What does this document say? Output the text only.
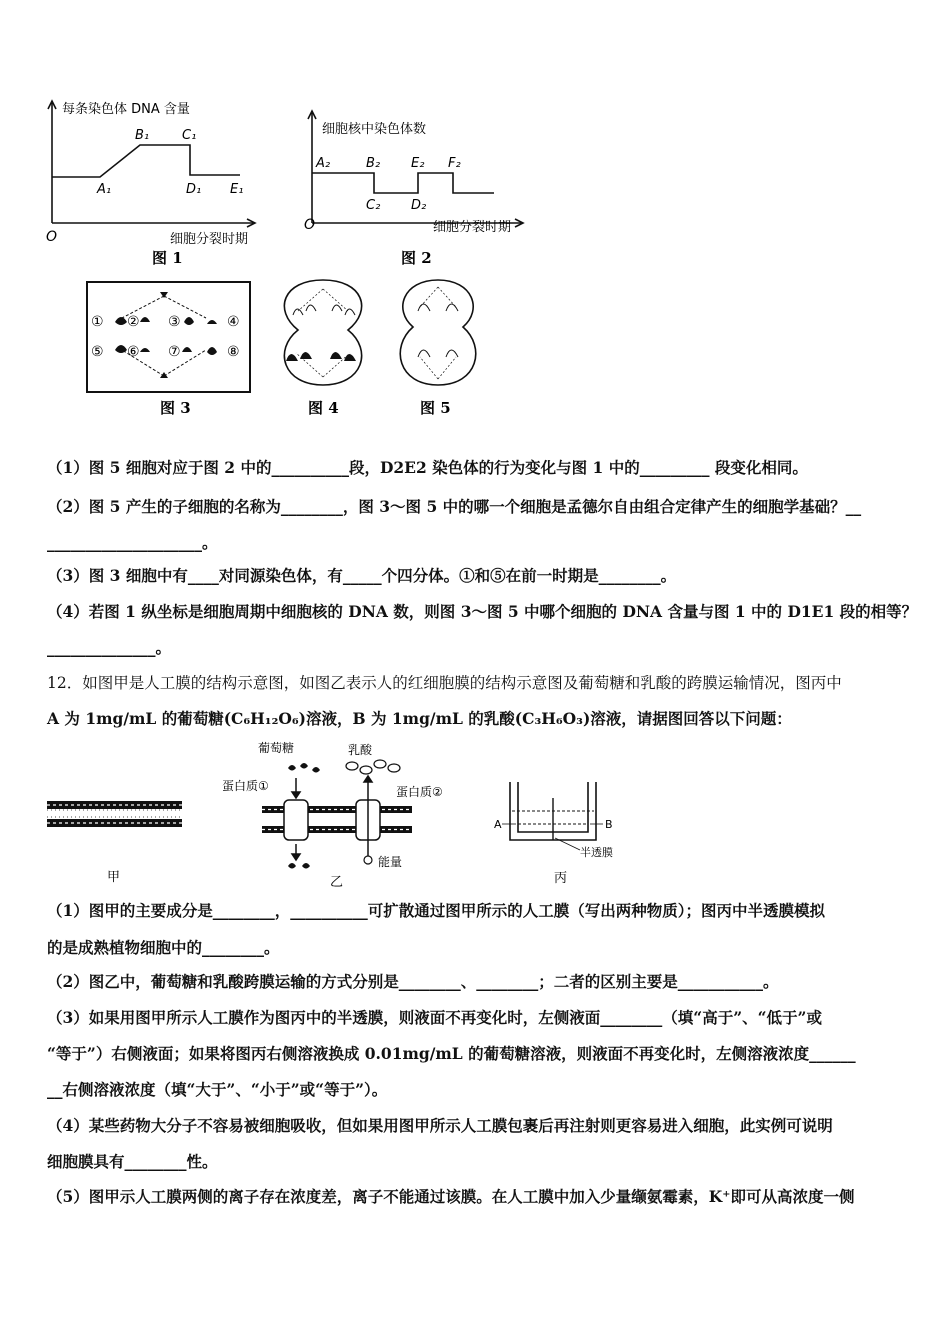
每条染色体 DNA 含量
细胞分裂时期
O
A₁
B₁	C₁
D₁ E₁
图 1
细胞核中染色体数
细胞分裂时期
O
A₂	B₂
C₂ D₂
E₂ F₂
图 2
① ② ③	④
⑤ ⑥ ⑦	⑧
图 3	图 4	图 5
（1）图 5 细胞对应于图 2 中的__________段，D2E2 染色体的行为变化与图 1 中的_________ 段变化相同。
（2）图 5 产生的子细胞的名称为________，图 3～图 5 中的哪一个细胞是孟德尔自由组合定律产生的细胞学基础？__
____________________。
（3）图 3 细胞中有____对同源染色体，有_____个四分体。①和⑤在前一时期是________。
（4）若图 1 纵坐标是细胞周期中细胞核的 DNA 数，则图 3～图 5 中哪个细胞的 DNA 含量与图 1 中的 D1E1 段的相等？
______________。
12．如图甲是人工膜的结构示意图，如图乙表示人的红细胞膜的结构示意图及葡萄糖和乳酸的跨膜运输情况，图丙中
A 为 1mg/mL 的葡萄糖(C₆H₁₂O₆)溶液，B 为 1mg/mL 的乳酸(C₃H₆O₃)溶液，请据图回答以下问题：
甲
葡萄糖	乳酸
蛋白质①	蛋白质②
能量
乙
A	B
半透膜
丙
（1）图甲的主要成分是________，__________可扩散通过图甲所示的人工膜（写出两种物质）；图丙中半透膜模拟
的是成熟植物细胞中的________。
（2）图乙中，葡萄糖和乳酸跨膜运输的方式分别是________、________；二者的区别主要是___________。
（3）如果用图甲所示人工膜作为图丙中的半透膜，则液面不再变化时，左侧液面________（填“高于”、“低于”或
“等于”）右侧液面；如果将图丙右侧溶液换成 0.01mg/mL 的葡萄糖溶液，则液面不再变化时，左侧溶液浓度______
__右侧溶液浓度（填“大于”、“小于”或“等于”）。
（4）某些药物大分子不容易被细胞吸收，但如果用图甲所示人工膜包裹后再注射则更容易进入细胞，此实例可说明
细胞膜具有________性。
（5）图甲示人工膜两侧的离子存在浓度差，离子不能通过该膜。在人工膜中加入少量缬氨霉素，K⁺即可从高浓度一侧
